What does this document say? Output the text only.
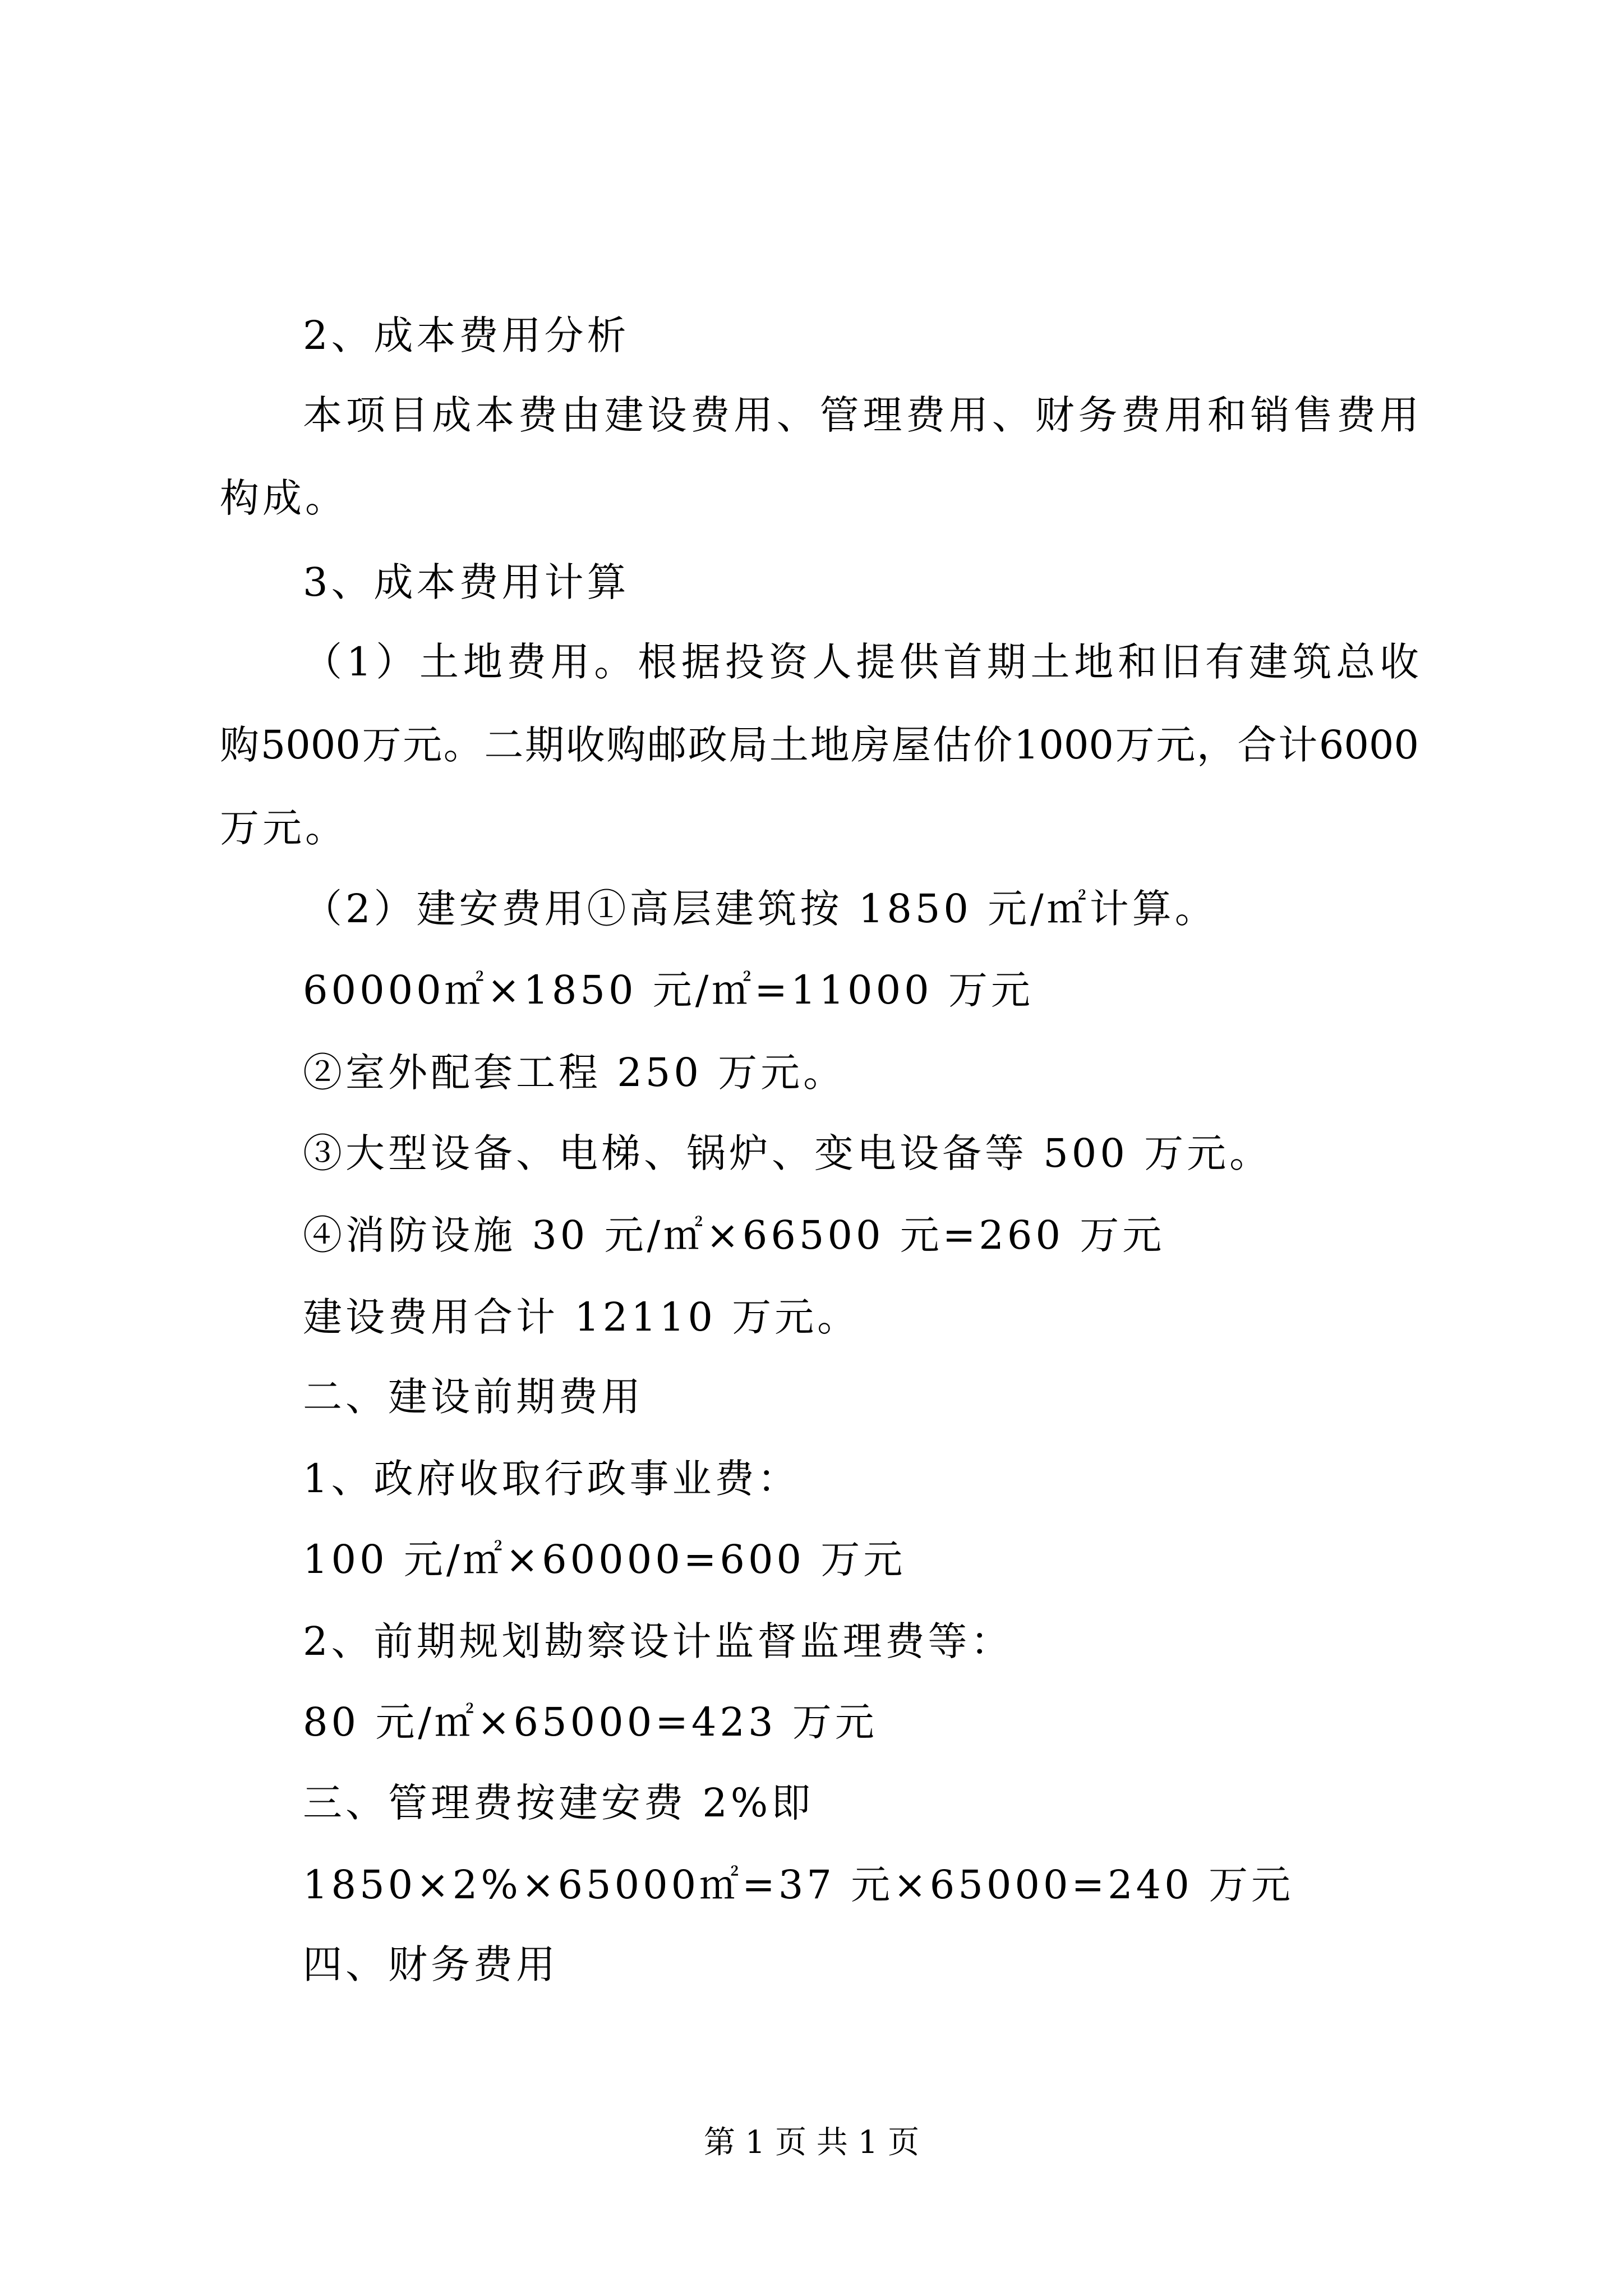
2、成本费用分析
本项目成本费由建设费用、管理费用、财务费用和销售费用
构成。
3、成本费用计算
（1）土地费用。根据投资人提供首期土地和旧有建筑总收
购5000万元。二期收购邮政局土地房屋估价1000万元，合计6000
万元。
（2）建安费用①高层建筑按 1850 元/㎡计算。
60000㎡×1850 元/㎡=11000 万元
②室外配套工程 250 万元。
③大型设备、电梯、锅炉、变电设备等 500 万元。
④消防设施 30 元/㎡×66500 元=260 万元
建设费用合计 12110 万元。
二、建设前期费用
1、政府收取行政事业费：
100 元/㎡×60000=600 万元
2、前期规划勘察设计监督监理费等：
80 元/㎡×65000=423 万元
三、管理费按建安费 2%即
1850×2%×65000㎡=37 元×65000=240 万元
四、财务费用
第 1 页 共 1 页
